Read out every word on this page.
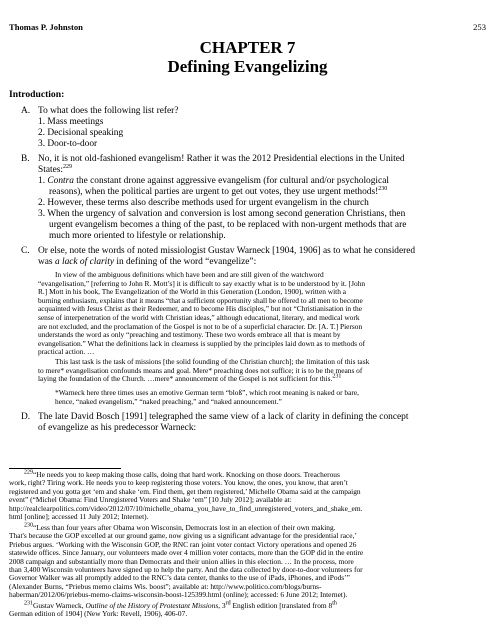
Thomas P. Johnston	253
CHAPTER 7
Defining Evangelizing
Introduction:
A. To what does the following list refer?
1. Mass meetings
2. Decisional speaking
3. Door-to-door
B. No, it is not old-fashioned evangelism! Rather it was the 2012 Presidential elections in the United
States:$^{229}$
1. Contra the constant drone against aggressive evangelism (for cultural and/or psychological
reasons), when the political parties are urgent to get out votes, they use urgent methods!$^{230}$
2. However, these terms also describe methods used for urgent evangelism in the church
3. When the urgency of salvation and conversion is lost among second generation Christians, then
urgent evangelism becomes a thing of the past, to be replaced with non-urgent methods that are
much more oriented to lifestyle or relationship.
C. Or else, note the words of noted missiologist Gustav Warneck [1904, 1906] as to what he considered
was a lack of clarity in defining of the word “evangelize”:
In view of the ambiguous definitions which have been and are still given of the watchword
“evangelisation,” [referring to John R. Mott’s] it is difficult to say exactly what is to be understood by it. [John
R.] Mott in his book, The Evangelization of the World in this Generation (London, 1900), written with a
burning enthusiasm, explains that it means “that a sufficient opportunity shall be offered to all men to become
acquainted with Jesus Christ as their Redeemer, and to become His disciples,” but not “Christianisation in the
sense of interpenetration of the world with Christian ideas,” although educational, literary, and medical work
are not excluded, and the proclamation of the Gospel is not to be of a superficial character. Dr. [A. T.] Pierson
understands the word as only “preaching and testimony. These two words embrace all that is meant by
evangelisation.” What the definitions lack in clearness is supplied by the principles laid down as to methods of
practical action. …
This last task is the task of missions [the solid founding of the Christian church]; the limitation of this task
to mere* evangelisation confounds means and goal. Mere* preaching does not suffice; it is to be the means of
laying the foundation of the Church. …mere* announcement of the Gospel is not sufficient for this.$^{231}$
*Warneck here three times uses an emotive German term “bloß”, which root meaning is naked or bare,
hence, “naked evangelism,” “naked preaching,” and “naked announcement.”
D. The late David Bosch [1991] telegraphed the same view of a lack of clarity in defining the concept
of evangelize as his predecessor Warneck:
$^{229}$“He needs you to keep making those calls, doing that hard work. Knocking on those doors. Treacherous
work, right? Tiring work. He needs you to keep registering those voters. You know, the ones, you know, that aren’t
registered and you gotta get ‘em and shake ‘em. Find them, get them registered,’ Michelle Obama said at the campaign
event” (“Michel Obama: Find Unregistered Voters and Shake ‘em” [10 July 2012]; available at:
http://realclearpolitics.com/video/2012/07/10/michelle_obama_you_have_to_find_unregistered_voters_and_shake_em.
html [online]; accessed 11 July 2012; Internet).
$^{230}$“Less than four years after Obama won Wisconsin, Democrats lost in an election of their own making.
That's because the GOP excelled at our ground game, now giving us a significant advantage for the presidential race,’
Priebus argues. ‘Working with the Wisconsin GOP, the RNC ran joint voter contact Victory operations and opened 26
statewide offices. Since January, our volunteers made over 4 million voter contacts, more than the GOP did in the entire
2008 campaign and substantially more than Democrats and their union allies in this election. … In the process, more
than 3,400 Wisconsin volunteers have signed up to help the party. And the data collected by door-to-door volunteers for
Governor Walker was all promptly added to the RNC’s data center, thanks to the use of iPads, iPhones, and iPods’”
(Alexander Burns, “Priebus memo claims Wis. boost”; available at: http://www.politico.com/blogs/burns-
haberman/2012/06/priebus-memo-claims-wisconsin-boost-125399.html (online); accessed: 6 June 2012; Internet).
$^{231}$Gustav Warneck, Outline of the History of Protestant Missions, 3rd English edition [translated from 8th
German edition of 1904] (New York: Revell, 1906), 406-07.
